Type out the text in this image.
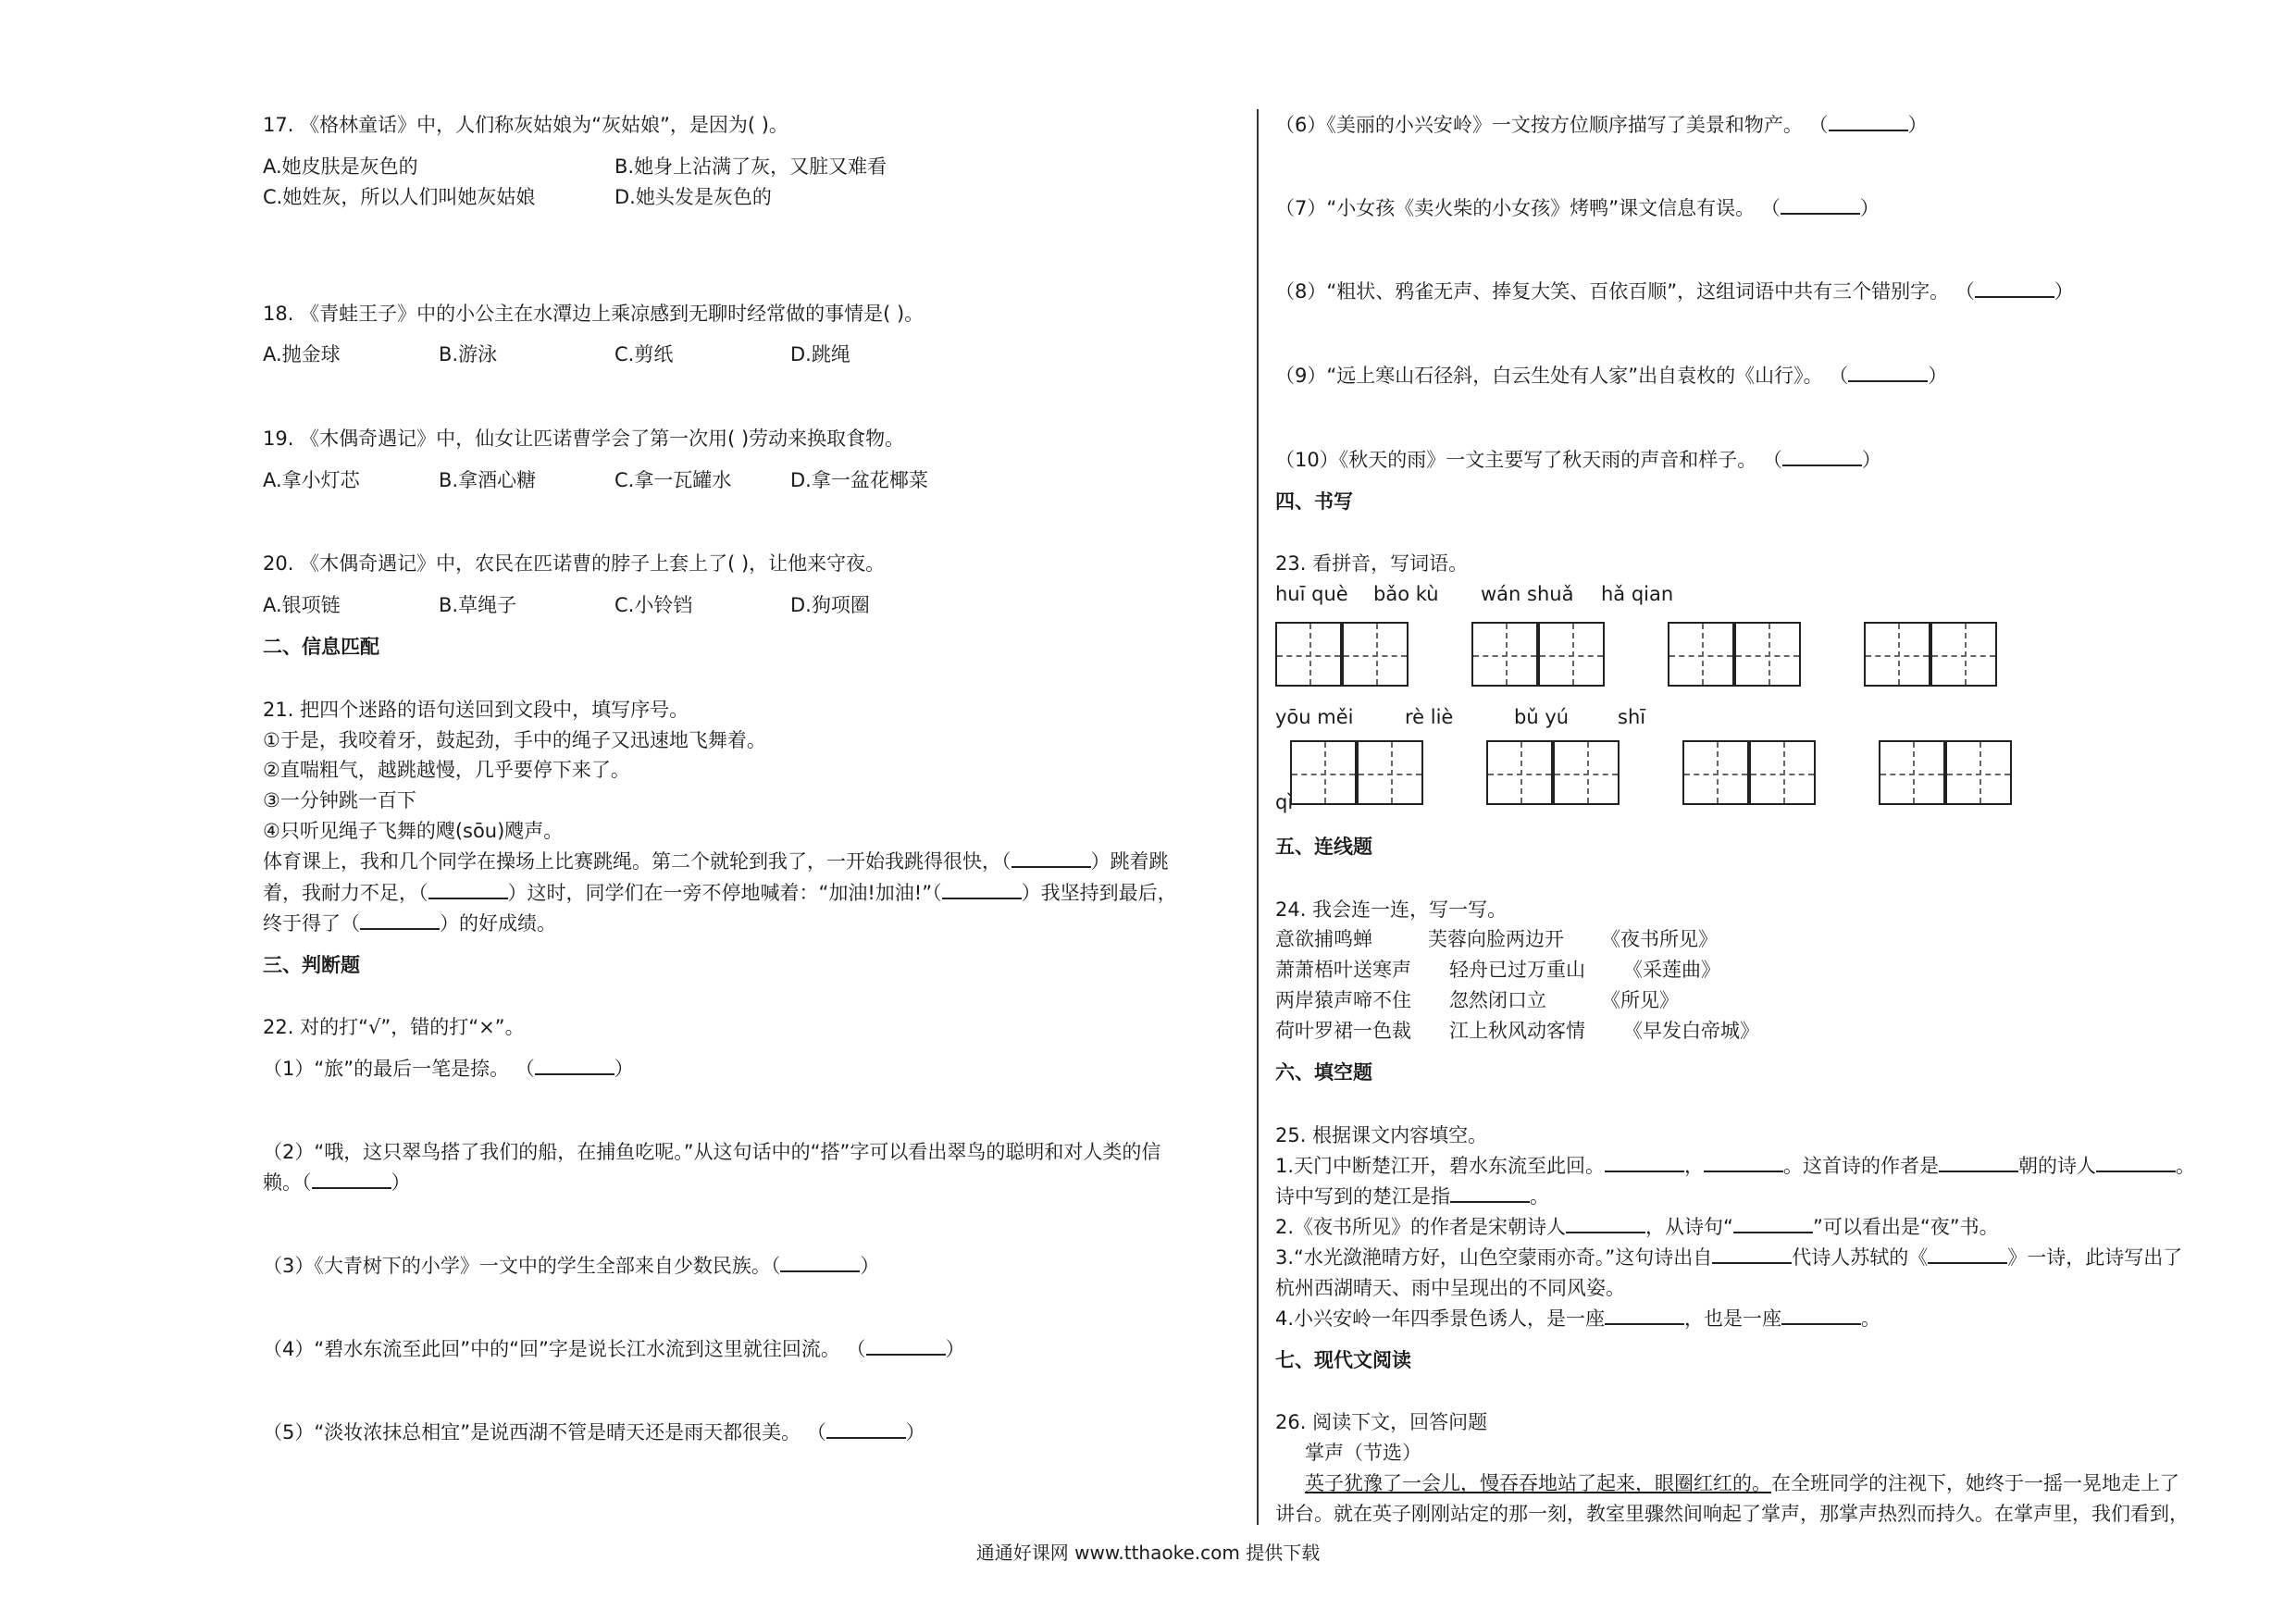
17. 《格林童话》中，人们称灰姑娘为“灰姑娘”，是因为( )。
A.她皮肤是灰色的	B.她身上沾满了灰，又脏又难看
C.她姓灰，所以人们叫她灰姑娘	D.她头发是灰色的
18. 《青蛙王子》中的小公主在水潭边上乘凉感到无聊时经常做的事情是( )。
A.抛金球	B.游泳	C.剪纸	D.跳绳
19. 《木偶奇遇记》中，仙女让匹诺曹学会了第一次用( )劳动来换取食物。
A.拿小灯芯	B.拿酒心糖	C.拿一瓦罐水	D.拿一盆花椰菜
20. 《木偶奇遇记》中，农民在匹诺曹的脖子上套上了( )，让他来守夜。
A.银项链	B.草绳子	C.小铃铛	D.狗项圈
二、信息匹配
21. 把四个迷路的语句送回到文段中，填写序号。
①于是，我咬着牙，鼓起劲，手中的绳子又迅速地飞舞着。
②直喘粗气，越跳越慢，几乎要停下来了。
③一分钟跳一百下
④只听见绳子飞舞的飕(sōu)飕声。
体育课上，我和几个同学在操场上比赛跳绳。第二个就轮到我了，一开始我跳得很快，（	）跳着跳
着，我耐力不足，（	）这时，同学们在一旁不停地喊着：“加油!加油!”（	）我坚持到最后，
终于得了（	）的好成绩。
三、判断题
22. 对的打“√”，错的打“×”。
（1）“旅”的最后一笔是捺。 （	）
（2）“哦，这只翠鸟搭了我们的船，在捕鱼吃呢。”从这句话中的“搭”字可以看出翠鸟的聪明和对人类的信
赖。（	）
（3）《大青树下的小学》一文中的学生全部来自少数民族。（	）
（4）“碧水东流至此回”中的“回”字是说长江水流到这里就往回流。 （	）
（5）“淡妆浓抹总相宜”是说西湖不管是晴天还是雨天都很美。 （	）
（6）《美丽的小兴安岭》一文按方位顺序描写了美景和物产。 （	）
（7）“小女孩《卖火柴的小女孩》烤鸭”课文信息有误。 （	）
（8）“粗状、鸦雀无声、捧复大笑、百依百顺”，这组词语中共有三个错别字。 （	）
（9）“远上寒山石径斜，白云生处有人家”出自袁枚的《山行》。 （	）
（10）《秋天的雨》一文主要写了秋天雨的声音和样子。 （	）
四、书写
23. 看拼音，写词语。
huī què bǎo kù wán shuǎ hǎ qian
yōu měi	rè liè	bǔ yú	shī
qì
五、连线题
24. 我会连一连，写一写。
意欲捕鸣蝉	芙蓉向脸两边开 《夜书所见》
萧萧梧叶送寒声 轻舟已过万重山 《采莲曲》
两岸猿声啼不住 忽然闭口立	《所见》
荷叶罗裙一色裁 江上秋风动客情 《早发白帝城》
六、填空题
25. 根据课文内容填空。
1.天门中断楚江开，碧水东流至此回。	，	。这首诗的作者是	朝的诗人	。
诗中写到的楚江是指	。
2.《夜书所见》的作者是宋朝诗人	，从诗句“	”可以看出是“夜”书。
3.“水光潋滟晴方好，山色空蒙雨亦奇。”这句诗出自	代诗人苏轼的《	》一诗，此诗写出了
杭州西湖晴天、雨中呈现出的不同风姿。
4.小兴安岭一年四季景色诱人，是一座	，也是一座	。
七、现代文阅读
26. 阅读下文，回答问题
掌声（节选）
英子犹豫了一会儿，慢吞吞地站了起来，眼圈红红的。在全班同学的注视下，她终于一摇一晃地走上了
讲台。就在英子刚刚站定的那一刻，教室里骤然间响起了掌声，那掌声热烈而持久。在掌声里，我们看到，
通通好课网 www.tthaoke.com 提供下载
